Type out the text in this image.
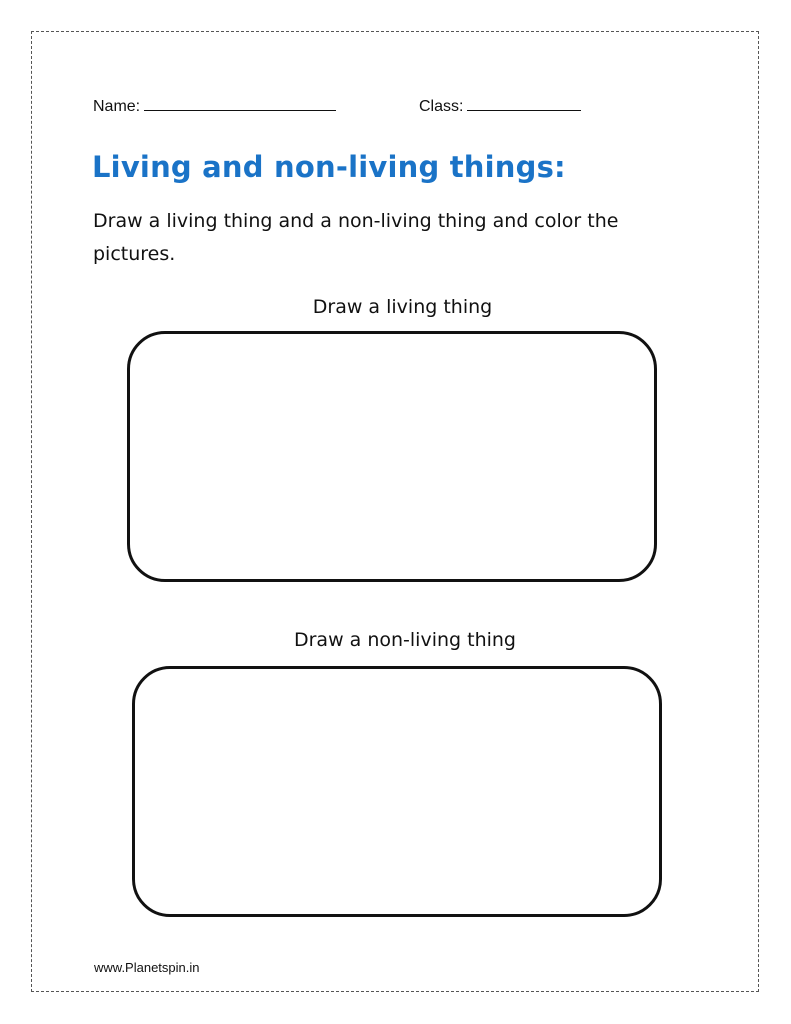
Name:	Class:
Living and non-living things:

Draw a living thing and a non-living thing and color the pictures.

Draw a living thing
Draw a non-living thing
www.Planetspin.in
